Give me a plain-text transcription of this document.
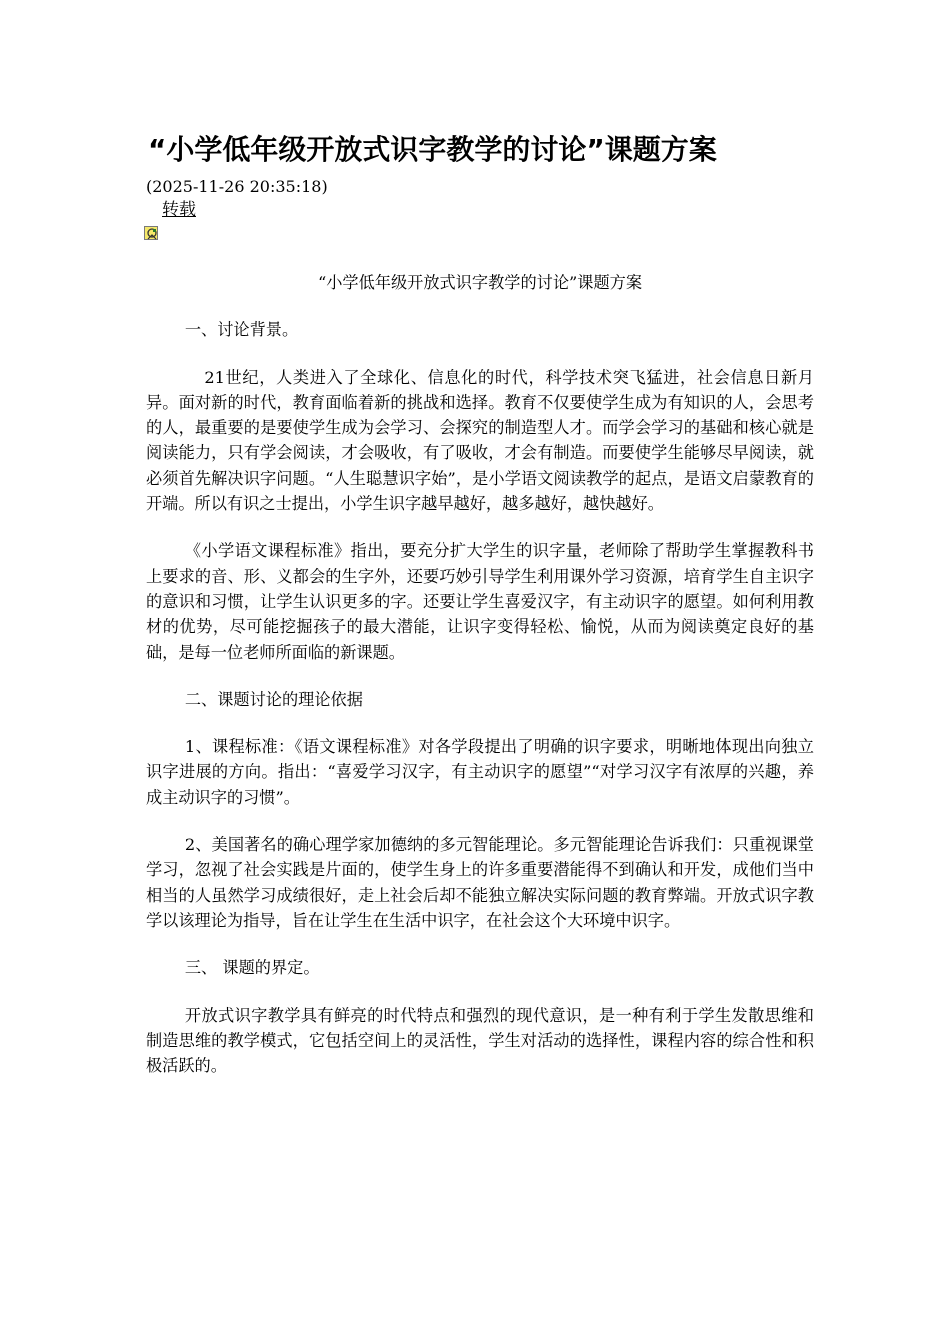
“小学低年级开放式识字教学的讨论”课题方案
(2025-11-26 20:35:18)
转载

“小学低年级开放式识字教学的讨论”课题方案

一、讨论背景。

21世纪，人类进入了全球化、信息化的时代，科学技术突飞猛进，社会信息日新月异。面对新的时代，教育面临着新的挑战和选择。教育不仅要使学生成为有知识的人，会思考的人，最重要的是要使学生成为会学习、会探究的制造型人才。而学会学习的基础和核心就是阅读能力，只有学会阅读，才会吸收，有了吸收，才会有制造。而要使学生能够尽早阅读，就必须首先解决识字问题。“人生聪慧识字始”，是小学语文阅读教学的起点，是语文启蒙教育的开端。所以有识之士提出，小学生识字越早越好，越多越好，越快越好。

《小学语文课程标准》指出，要充分扩大学生的识字量，老师除了帮助学生掌握教科书上要求的音、形、义都会的生字外，还要巧妙引导学生利用课外学习资源，培育学生自主识字的意识和习惯，让学生认识更多的字。还要让学生喜爱汉字，有主动识字的愿望。如何利用教材的优势，尽可能挖掘孩子的最大潜能，让识字变得轻松、愉悦，从而为阅读奠定良好的基础，是每一位老师所面临的新课题。

二、课题讨论的理论依据

1、课程标准：《语文课程标准》对各学段提出了明确的识字要求，明晰地体现出向独立识字进展的方向。指出：“喜爱学习汉字，有主动识字的愿望”“对学习汉字有浓厚的兴趣，养成主动识字的习惯”。

2、美国著名的确心理学家加德纳的多元智能理论。多元智能理论告诉我们：只重视课堂学习，忽视了社会实践是片面的，使学生身上的许多重要潜能得不到确认和开发，成他们当中相当的人虽然学习成绩很好，走上社会后却不能独立解决实际问题的教育弊端。开放式识字教学以该理论为指导，旨在让学生在生活中识字，在社会这个大环境中识字。

三、 课题的界定。

开放式识字教学具有鲜亮的时代特点和强烈的现代意识，是一种有利于学生发散思维和制造思维的教学模式，它包括空间上的灵活性，学生对活动的选择性，课程内容的综合性和积极活跃的。
